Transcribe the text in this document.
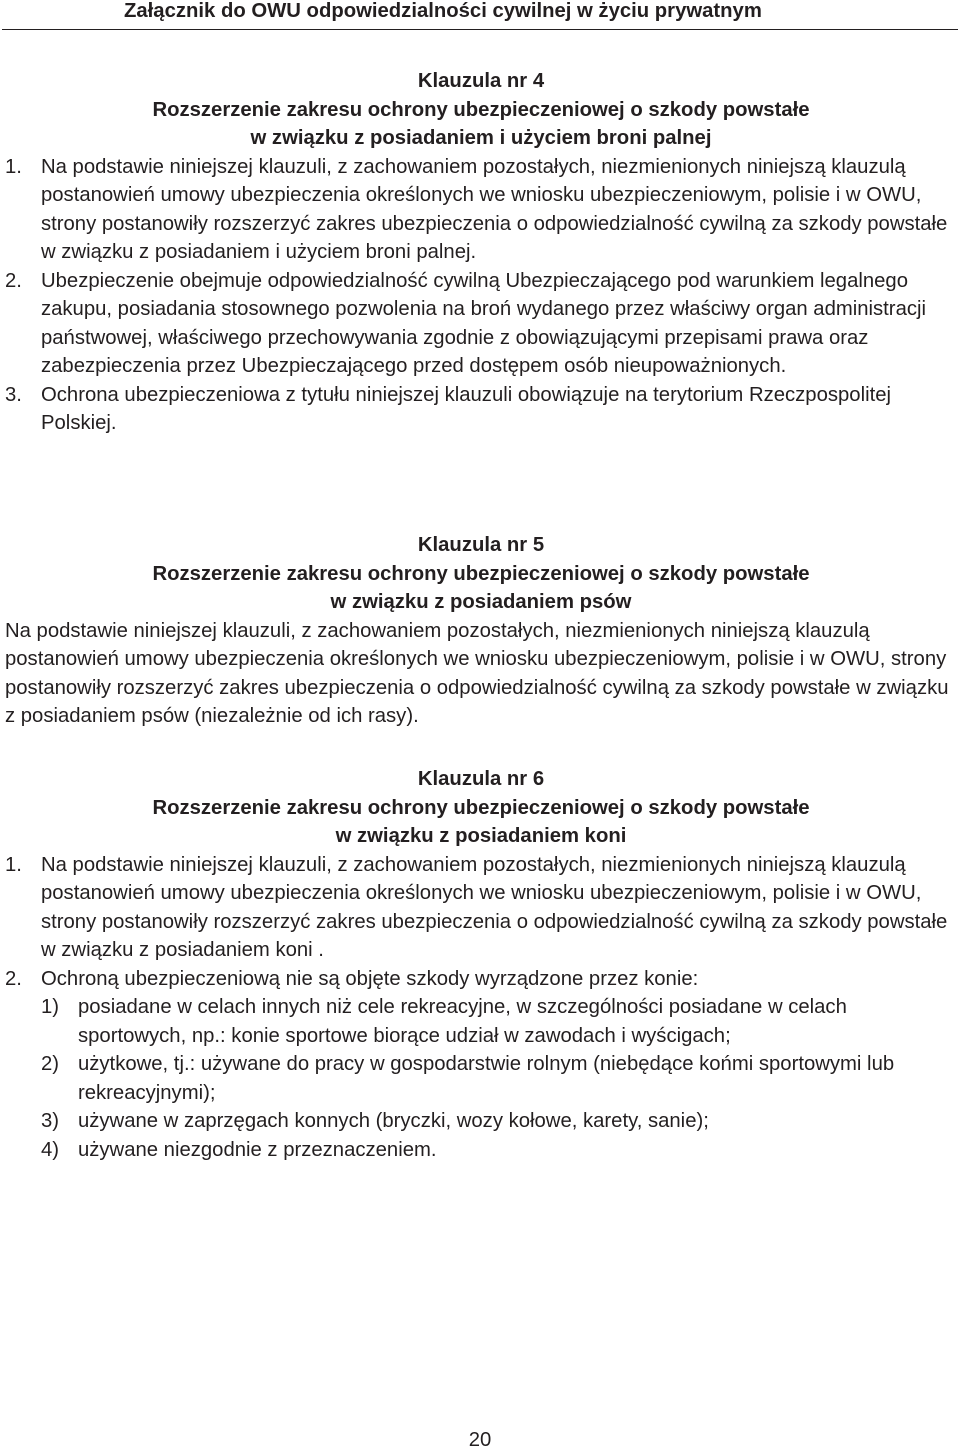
Załącznik do OWU odpowiedzialności cywilnej w życiu prywatnym
Klauzula nr 4
Rozszerzenie zakresu ochrony ubezpieczeniowej o szkody powstałe
w związku z posiadaniem i użyciem broni palnej
1. Na podstawie niniejszej klauzuli, z zachowaniem pozostałych, niezmienionych niniejszą klauzulą postanowień umowy ubezpieczenia określonych we wniosku ubezpieczeniowym, polisie i w OWU, strony postanowiły rozszerzyć zakres ubezpieczenia o odpowiedzialność cywilną za szkody powstałe w związku z posiadaniem i użyciem broni palnej.
2. Ubezpieczenie obejmuje odpowiedzialność cywilną Ubezpieczającego pod warunkiem legalnego zakupu, posiadania stosownego pozwolenia na broń wydanego przez właściwy organ administracji państwowej, właściwego przechowywania zgodnie z obowiązującymi przepisami prawa oraz zabezpieczenia przez Ubezpieczającego przed dostępem osób nieupoważnionych.
3. Ochrona ubezpieczeniowa z tytułu niniejszej klauzuli obowiązuje na terytorium Rzeczpospolitej Polskiej.
Klauzula nr 5
Rozszerzenie zakresu ochrony ubezpieczeniowej o szkody powstałe
w związku z posiadaniem psów

Na podstawie niniejszej klauzuli, z zachowaniem pozostałych, niezmienionych niniejszą klauzulą postanowień umowy ubezpieczenia określonych we wniosku ubezpieczeniowym, polisie i w OWU, strony postanowiły rozszerzyć zakres ubezpieczenia o odpowiedzialność cywilną za szkody powstałe w związku z posiadaniem psów (niezależnie od ich rasy).

Klauzula nr 6
Rozszerzenie zakresu ochrony ubezpieczeniowej o szkody powstałe
w związku z posiadaniem koni
1. Na podstawie niniejszej klauzuli, z zachowaniem pozostałych, niezmienionych niniejszą klauzulą postanowień umowy ubezpieczenia określonych we wniosku ubezpieczeniowym, polisie i w OWU, strony postanowiły rozszerzyć zakres ubezpieczenia o odpowiedzialność cywilną za szkody powstałe w związku z posiadaniem koni .
2. Ochroną ubezpieczeniową nie są objęte szkody wyrządzone przez konie:
1) posiadane w celach innych niż cele rekreacyjne, w szczególności posiadane w celach sportowych, np.: konie sportowe biorące udział w zawodach i wyścigach;
2) użytkowe, tj.: używane do pracy w gospodarstwie rolnym (niebędące końmi sportowymi lub rekreacyjnymi);
3) używane w zaprzęgach konnych (bryczki, wozy kołowe, karety, sanie);
4) używane niezgodnie z przeznaczeniem.
20
